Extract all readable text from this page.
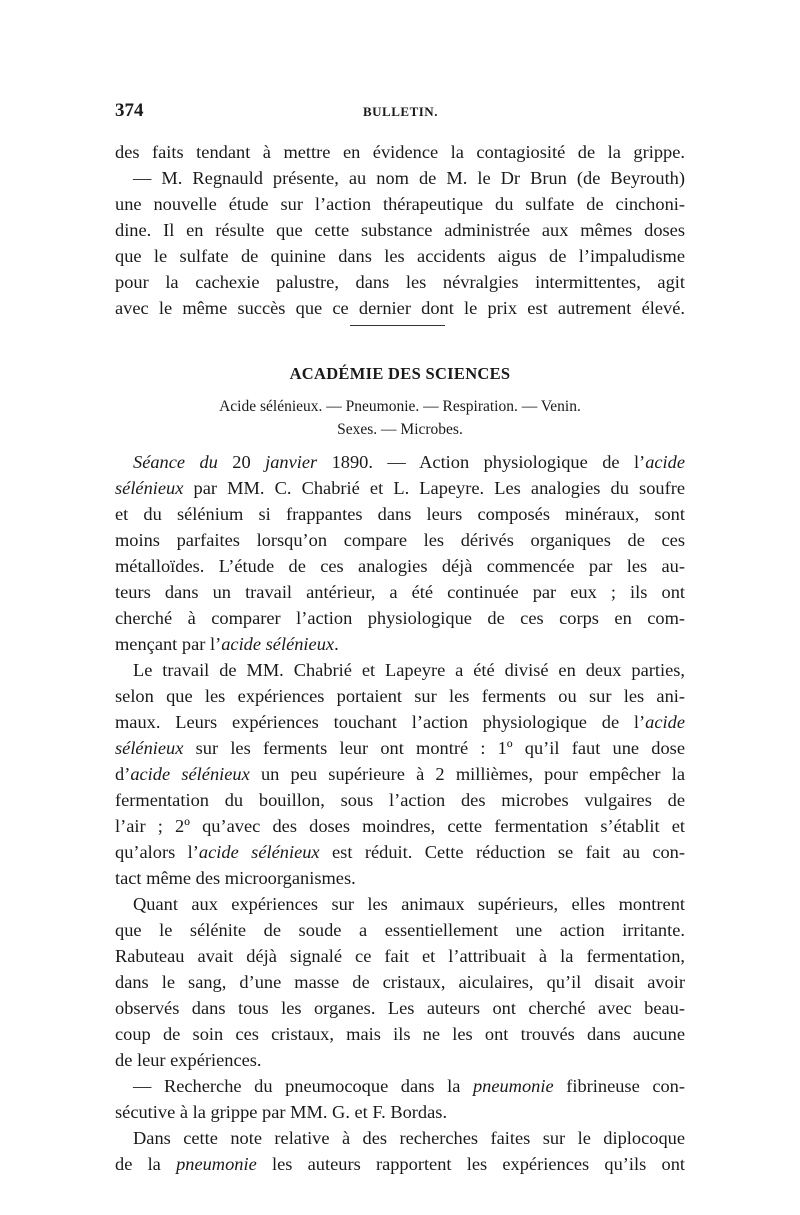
374	BULLETIN.
des faits tendant à mettre en évidence la contagiosité de la grippe.
— M. Regnauld présente, au nom de M. le Dr Brun (de Beyrouth)
une nouvelle étude sur l’action thérapeutique du sulfate de cinchoni-
dine. Il en résulte que cette substance administrée aux mêmes doses
que le sulfate de quinine dans les accidents aigus de l’impaludisme
pour la cachexie palustre, dans les névralgies intermittentes, agit
avec le même succès que ce dernier dont le prix est autrement élevé.
ACADÉMIE DES SCIENCES
Acide sélénieux. — Pneumonie. — Respiration. — Venin.
Sexes. — Microbes.
Séance du 20 janvier 1890. — Action physiologique de l’acide
sélénieux par MM. C. Chabrié et L. Lapeyre. Les analogies du soufre
et du sélénium si frappantes dans leurs composés minéraux, sont
moins parfaites lorsqu’on compare les dérivés organiques de ces
métalloïdes. L’étude de ces analogies déjà commencée par les au-
teurs dans un travail antérieur, a été continuée par eux ; ils ont
cherché à comparer l’action physiologique de ces corps en com-
mençant par l’acide sélénieux.
Le travail de MM. Chabrié et Lapeyre a été divisé en deux parties,
selon que les expériences portaient sur les ferments ou sur les ani-
maux. Leurs expériences touchant l’action physiologique de l’acide
sélénieux sur les ferments leur ont montré : 1º qu’il faut une dose
d’acide sélénieux un peu supérieure à 2 millièmes, pour empêcher la
fermentation du bouillon, sous l’action des microbes vulgaires de
l’air ; 2º qu’avec des doses moindres, cette fermentation s’établit et
qu’alors l’acide sélénieux est réduit. Cette réduction se fait au con-
tact même des microorganismes.
Quant aux expériences sur les animaux supérieurs, elles montrent
que le sélénite de soude a essentiellement une action irritante.
Rabuteau avait déjà signalé ce fait et l’attribuait à la fermentation,
dans le sang, d’une masse de cristaux, aiculaires, qu’il disait avoir
observés dans tous les organes. Les auteurs ont cherché avec beau-
coup de soin ces cristaux, mais ils ne les ont trouvés dans aucune
de leur expériences.
— Recherche du pneumocoque dans la pneumonie fibrineuse con-
sécutive à la grippe par MM. G. et F. Bordas.
Dans cette note relative à des recherches faites sur le diplocoque
de la pneumonie les auteurs rapportent les expériences qu’ils ont
